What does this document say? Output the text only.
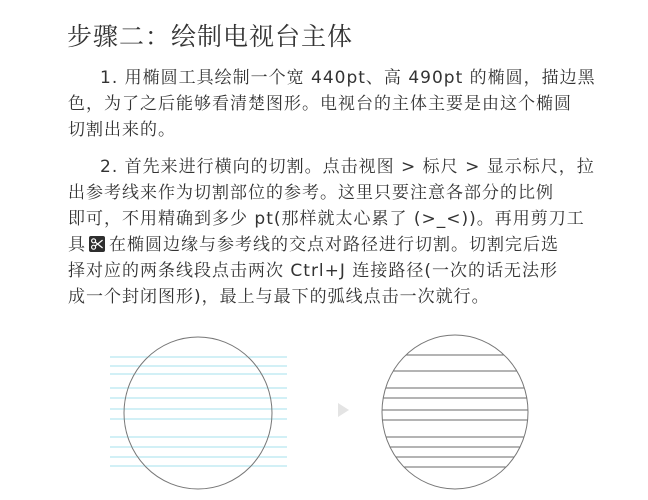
步骤二：绘制电视台主体
1. 用椭圆工具绘制一个宽 440pt、高 490pt 的椭圆，描边黑
色，为了之后能够看清楚图形。电视台的主体主要是由这个椭圆
切割出来的。
2. 首先来进行横向的切割。点击视图 > 标尺 > 显示标尺，拉
出参考线来作为切割部位的参考。这里只要注意各部分的比例
即可，不用精确到多少 pt(那样就太心累了 (>_<))。再用剪刀工
具 在椭圆边缘与参考线的交点对路径进行切割。切割完后选
择对应的两条线段点击两次 Ctrl+J 连接路径(一次的话无法形
成一个封闭图形)，最上与最下的弧线点击一次就行。
